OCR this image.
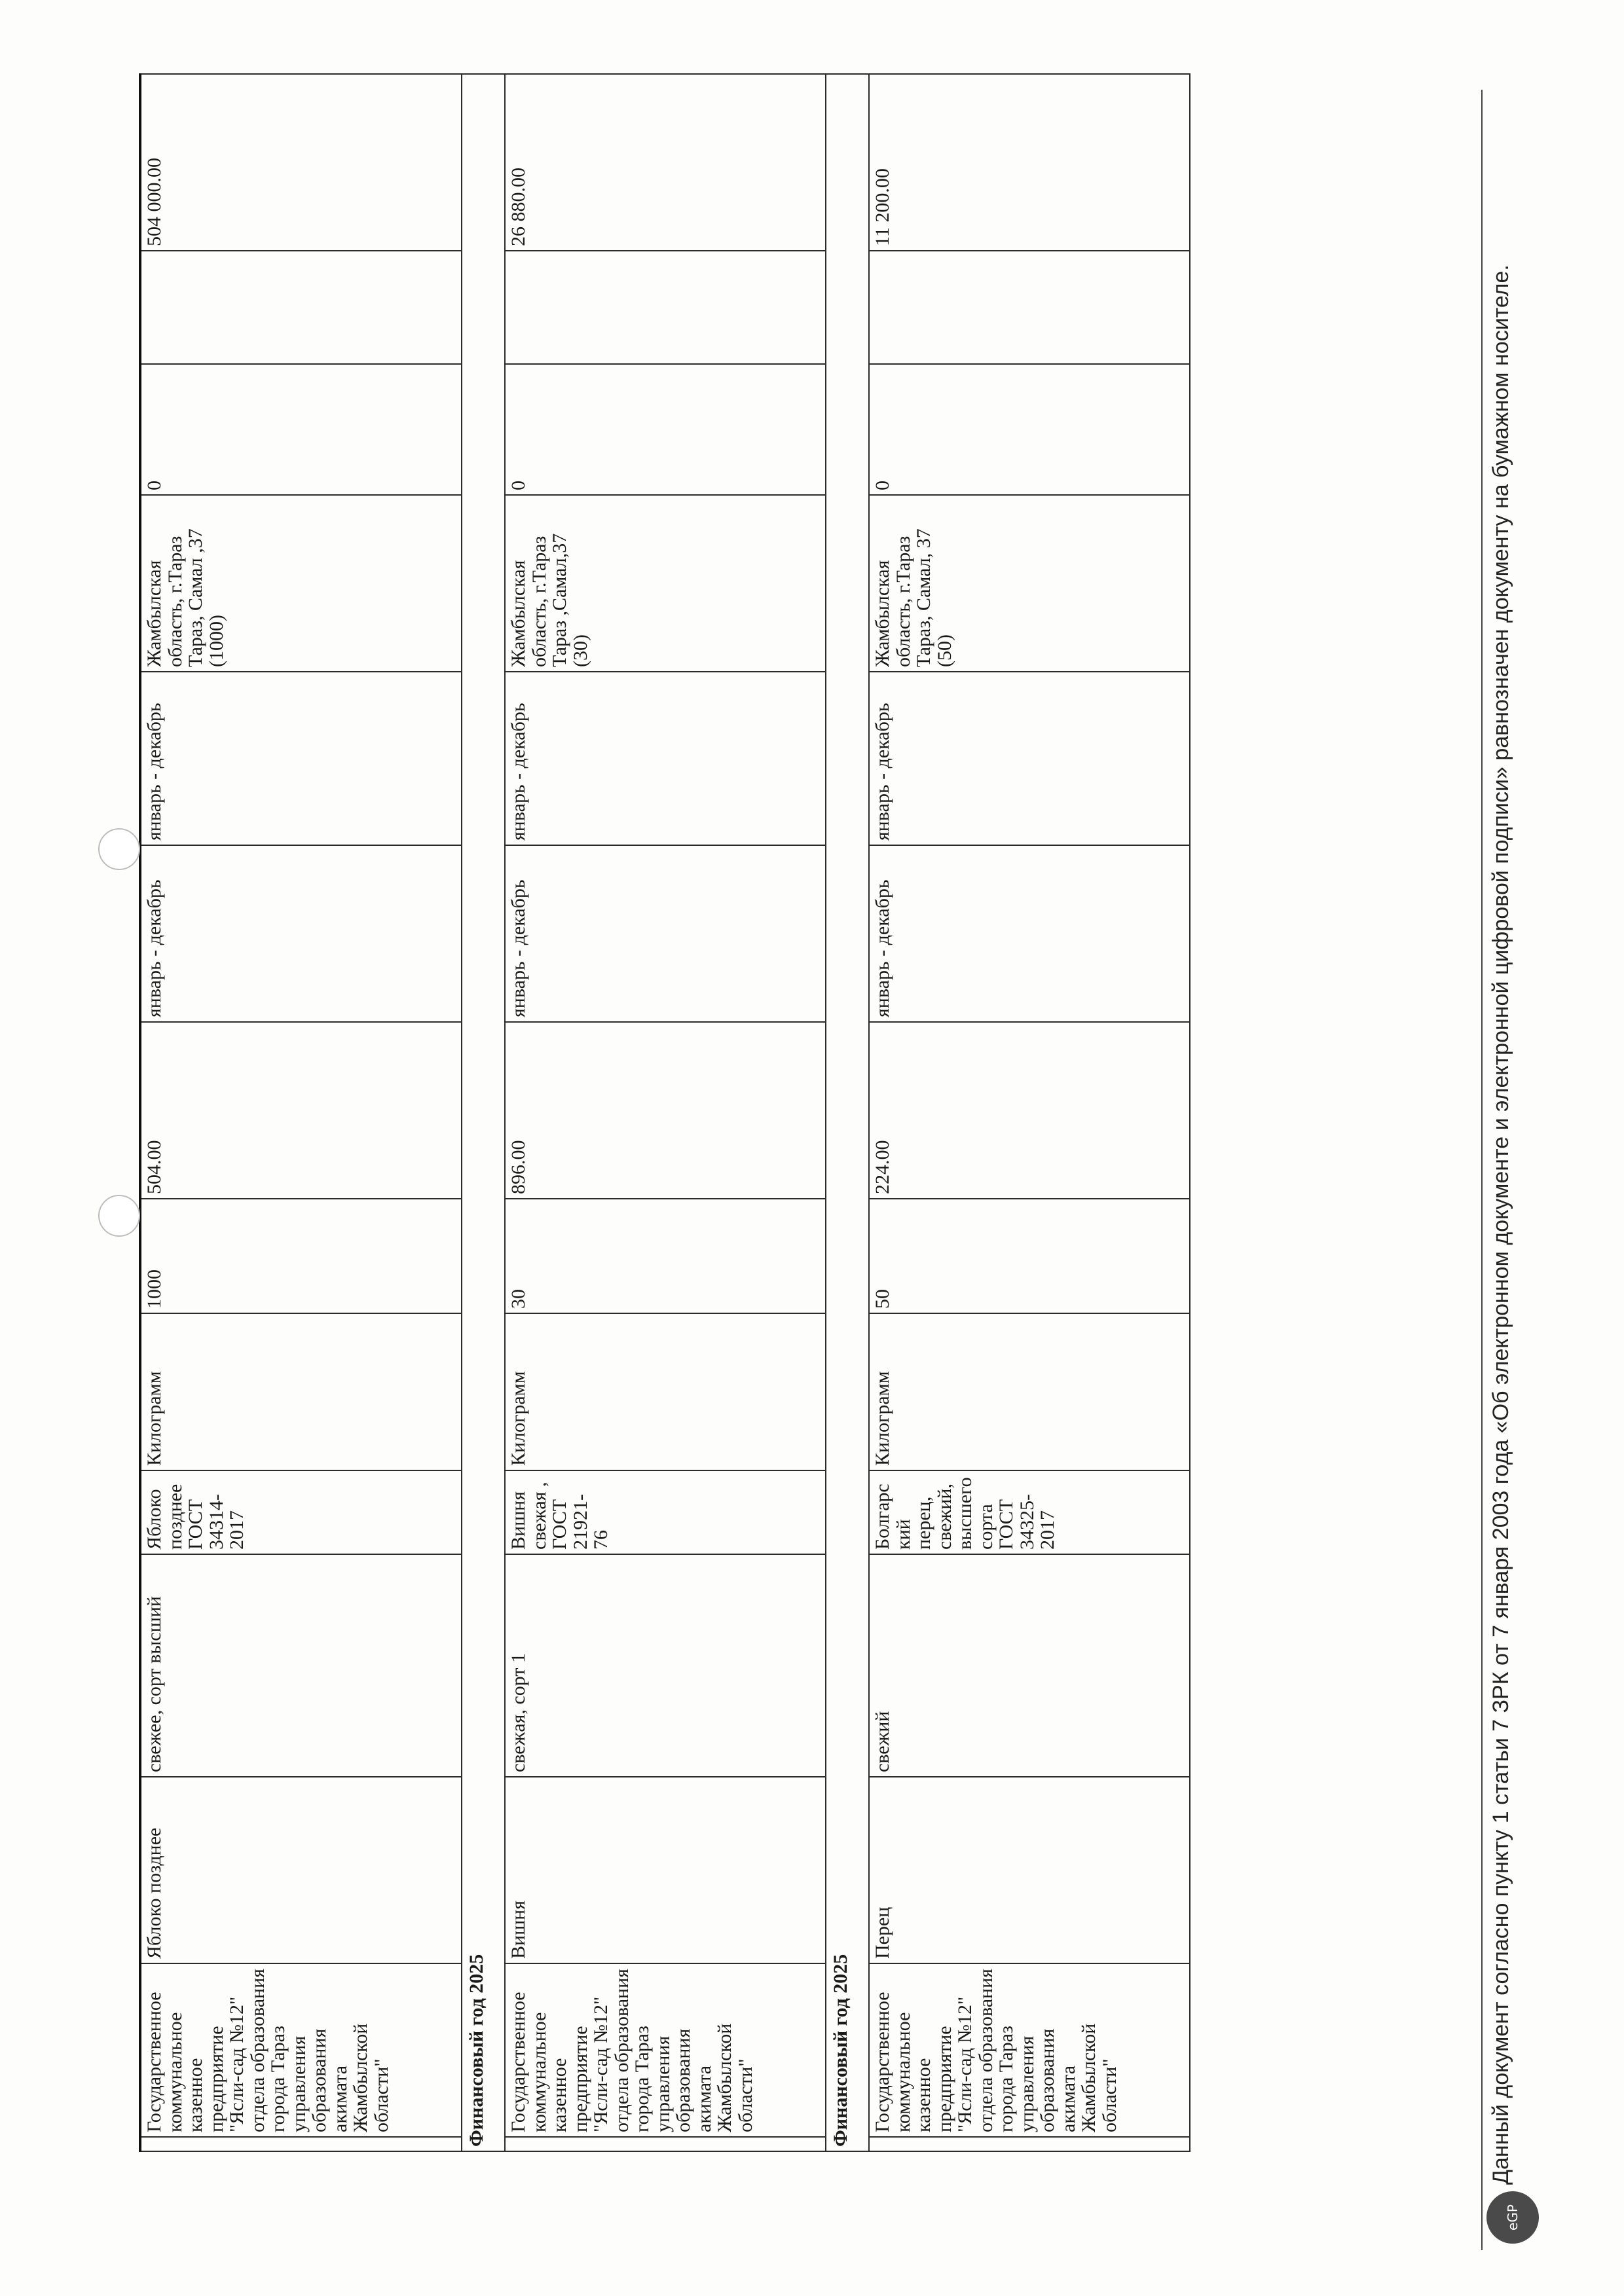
	Государственное коммунальное казенное предприятие "Ясли-сад №12" отдела образования города Тараз управления образования акимата Жамбылской области"	Яблоко позднее	свежее, сорт высший	Яблоко позднее ГОСТ 34314-2017	Килограмм	1000	504.00	январь - декабрь	январь - декабрь	Жамбылская область, г.Тараз Тараз, Самал ,37 (1000)	0		504 000.00
Финансовый год 2025													
	Государственное коммунальное казенное предприятие "Ясли-сад №12" отдела образования города Тараз управления образования акимата Жамбылской области"	Вишня	свежая, сорт 1	Вишня свежая , ГОСТ 21921-76	Килограмм	30	896.00	январь - декабрь	январь - декабрь	Жамбылская область, г.Тараз Тараз ,Самал,37 (30)	0		26 880.00
Финансовый год 2025													
	Государственное коммунальное казенное предприятие "Ясли-сад №12" отдела образования города Тараз управления образования акимата Жамбылской области"	Перец	свежий	Болгарский перец, свежий, высшего сорта ГОСТ 34325-2017	Килограмм	50	224.00	январь - декабрь	январь - декабрь	Жамбылская область, г.Тараз Тараз, Самал, 37 (50)	0		11 200.00
eGP

Данный документ согласно пункту 1 статьи 7 ЗРК от 7 января 2003 года «Об электронном документе и электронной цифровой подписи» равнозначен документу на бумажном носителе.
